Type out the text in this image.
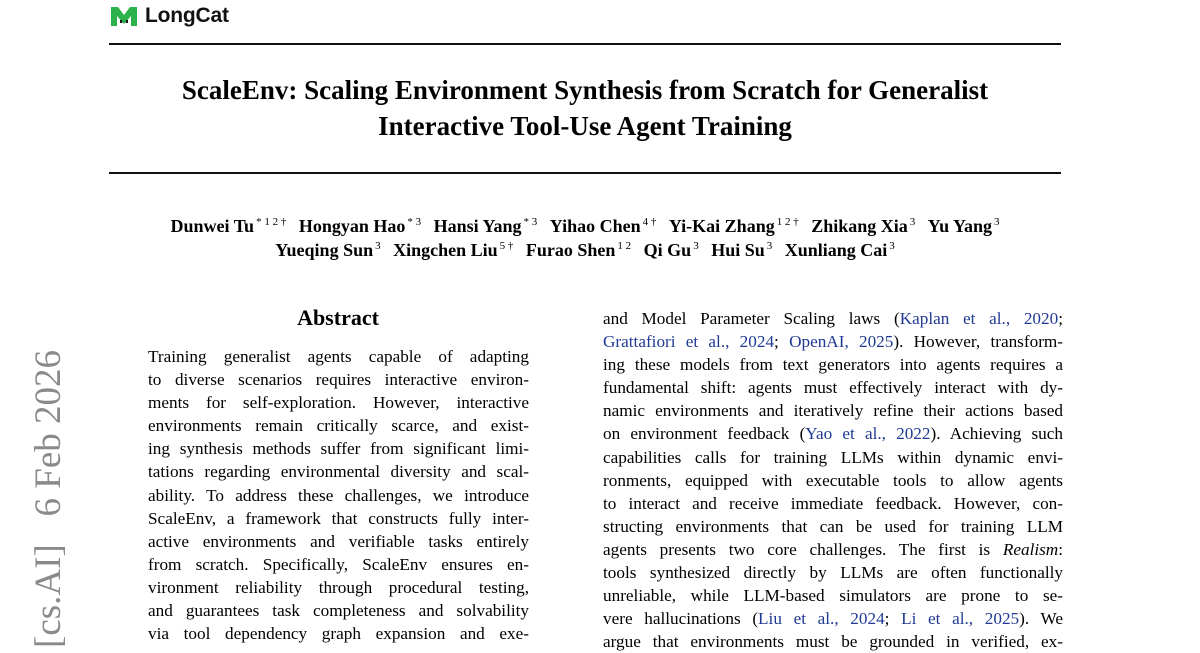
LongCat
ScaleEnv: Scaling Environment Synthesis from Scratch for Generalist
Interactive Tool-Use Agent Training
Dunwei Tu $^{* 1 2 \dagger}$ Hongyan Hao $^{* 3}$ Hansi Yang $^{* 3}$ Yihao Chen $^{4 \dagger}$ Yi-Kai Zhang $^{1 2 \dagger}$ Zhikang Xia $^3$ Yu Yang $^3$
Yueqing Sun $^3$ Xingchen Liu $^{5 \dagger}$ Furao Shen $^{1 2}$ Qi Gu $^3$ Hui Su $^3$ Xunliang Cai $^3$
[cs.AI]   6 Feb 2026
Abstract
Training generalist agents capable of adapting
to diverse scenarios requires interactive environ-
ments for self-exploration. However, interactive
environments remain critically scarce, and exist-
ing synthesis methods suffer from significant limi-
tations regarding environmental diversity and scal-
ability. To address these challenges, we introduce
ScaleEnv, a framework that constructs fully inter-
active environments and verifiable tasks entirely
from scratch. Specifically, ScaleEnv ensures en-
vironment reliability through procedural testing,
and guarantees task completeness and solvability
via tool dependency graph expansion and exe-
and Model Parameter Scaling laws (Kaplan et al., 2020;
Grattafiori et al., 2024; OpenAI, 2025). However, transform-
ing these models from text generators into agents requires a
fundamental shift: agents must effectively interact with dy-
namic environments and iteratively refine their actions based
on environment feedback (Yao et al., 2022). Achieving such
capabilities calls for training LLMs within dynamic envi-
ronments, equipped with executable tools to allow agents
to interact and receive immediate feedback. However, con-
structing environments that can be used for training LLM
agents presents two core challenges. The first is Realism:
tools synthesized directly by LLMs are often functionally
unreliable, while LLM-based simulators are prone to se-
vere hallucinations (Liu et al., 2024; Li et al., 2025). We
argue that environments must be grounded in verified, ex-
